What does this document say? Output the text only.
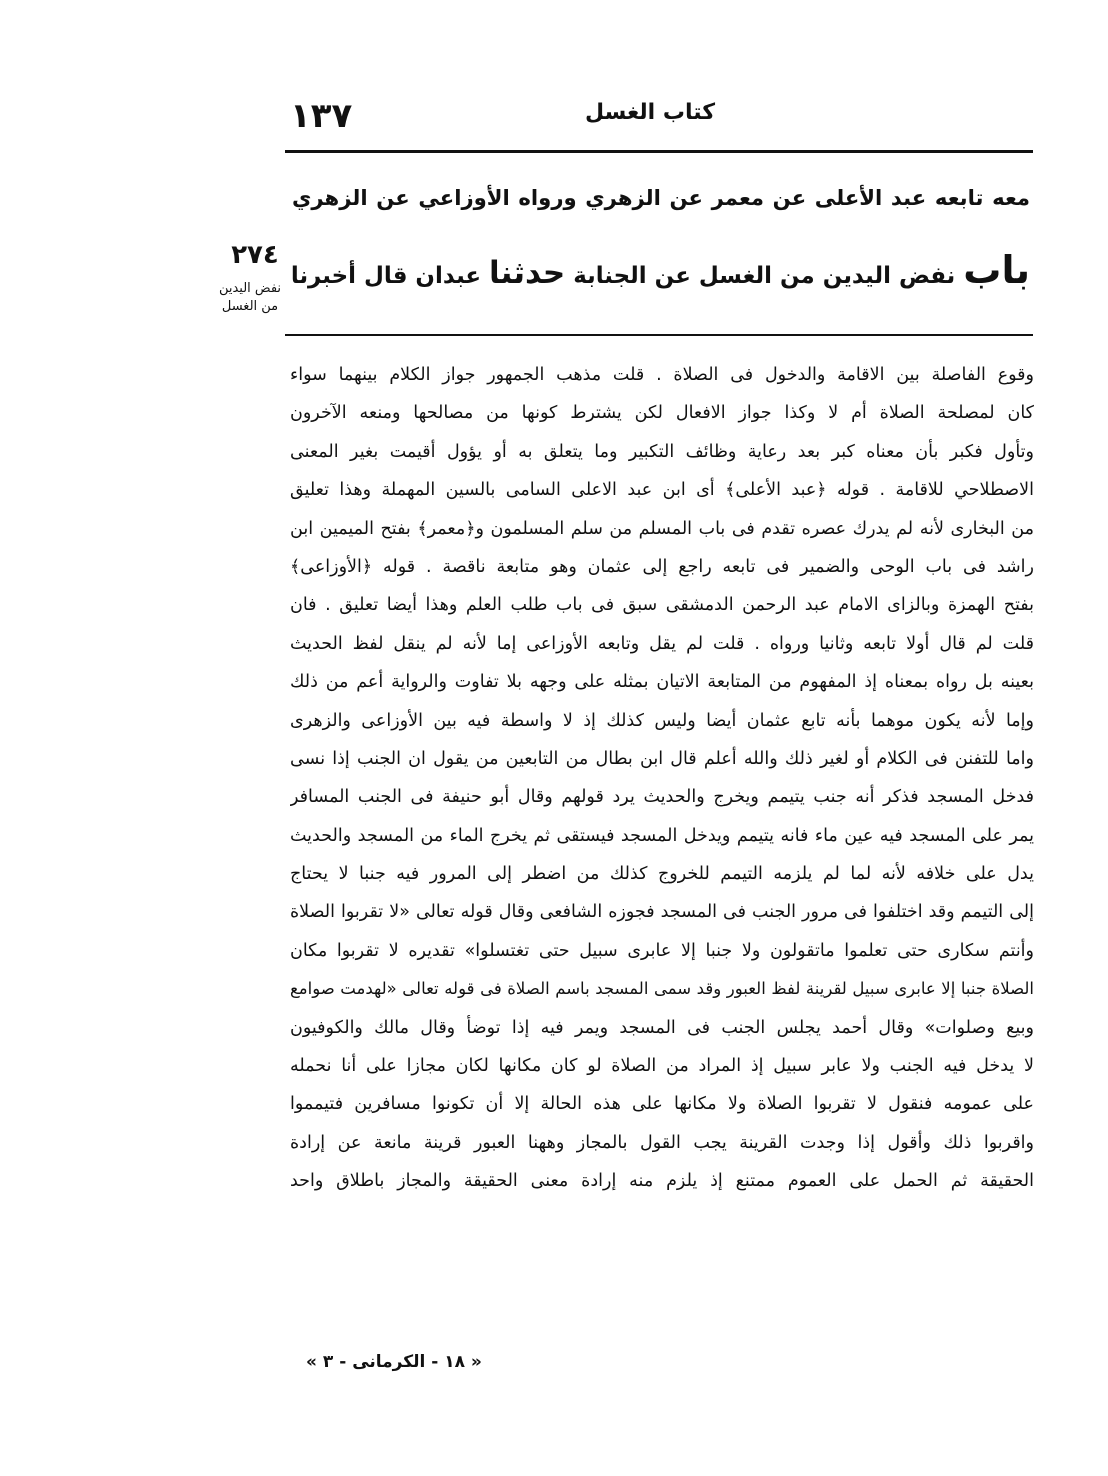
١٣٧	كتاب الغسل
معه تابعه عبد الأعلى عن معمر عن الزهري ورواه الأوزاعي عن الزهري
باب نفض اليدين من الغسل عن الجنابة حدثنا عبدان قال أخبرنا
٢٧٤
نفض اليدين
من الغسل
وقوع الفاصلة بين الاقامة والدخول فى الصلاة . قلت مذهب الجمهور جواز الكلام بينهما سواء
كان لمصلحة الصلاة أم لا وكذا جواز الافعال لكن يشترط كونها من مصالحها ومنعه الآخرون
وتأول فكبر بأن معناه كبر بعد رعاية وظائف التكبير وما يتعلق به أو يؤول أقيمت بغير المعنى
الاصطلاحي للاقامة . قوله ﴿عبد الأعلى﴾ أى ابن عبد الاعلى السامى بالسين المهملة وهذا تعليق
من البخارى لأنه لم يدرك عصره تقدم فى باب المسلم من سلم المسلمون و﴿معمر﴾ بفتح الميمين ابن
راشد فى باب الوحى والضمير فى تابعه راجع إلى عثمان وهو متابعة ناقصة . قوله ﴿الأوزاعى﴾
بفتح الهمزة وبالزاى الامام عبد الرحمن الدمشقى سبق فى باب طلب العلم وهذا أيضا تعليق . فان
قلت لم قال أولا تابعه وثانيا ورواه . قلت لم يقل وتابعه الأوزاعى إما لأنه لم ينقل لفظ الحديث
بعينه بل رواه بمعناه إذ المفهوم من المتابعة الاتيان بمثله على وجهه بلا تفاوت والرواية أعم من ذلك
وإما لأنه يكون موهما بأنه تابع عثمان أيضا وليس كذلك إذ لا واسطة فيه بين الأوزاعى والزهرى
واما للتفنن فى الكلام أو لغير ذلك والله أعلم قال ابن بطال من التابعين من يقول ان الجنب إذا نسى
فدخل المسجد فذكر أنه جنب يتيمم ويخرج والحديث يرد قولهم وقال أبو حنيفة فى الجنب المسافر
يمر على المسجد فيه عين ماء فانه يتيمم ويدخل المسجد فيستقى ثم يخرج الماء من المسجد والحديث
يدل على خلافه لأنه لما لم يلزمه التيمم للخروج كذلك من اضطر إلى المرور فيه جنبا لا يحتاج
إلى التيمم وقد اختلفوا فى مرور الجنب فى المسجد فجوزه الشافعى وقال قوله تعالى «لا تقربوا الصلاة
وأنتم سكارى حتى تعلموا ماتقولون ولا جنبا إلا عابرى سبيل حتى تغتسلوا» تقديره لا تقربوا مكان
الصلاة جنبا إلا عابرى سبيل لقرينة لفظ العبور وقد سمى المسجد باسم الصلاة فى قوله تعالى «لهدمت صوامع
وبيع وصلوات» وقال أحمد يجلس الجنب فى المسجد ويمر فيه إذا توضأ وقال مالك والكوفيون
لا يدخل فيه الجنب ولا عابر سبيل إذ المراد من الصلاة لو كان مكانها لكان مجازا على أنا نحمله
على عمومه فنقول لا تقربوا الصلاة ولا مكانها على هذه الحالة إلا أن تكونوا مسافرين فتيمموا
واقربوا ذلك وأقول إذا وجدت القرينة يجب القول بالمجاز وههنا العبور قرينة مانعة عن إرادة
الحقيقة ثم الحمل على العموم ممتنع إذ يلزم منه إرادة معنى الحقيقة والمجاز باطلاق واحد
« ١٨ - الكرمانى - ٣ »
